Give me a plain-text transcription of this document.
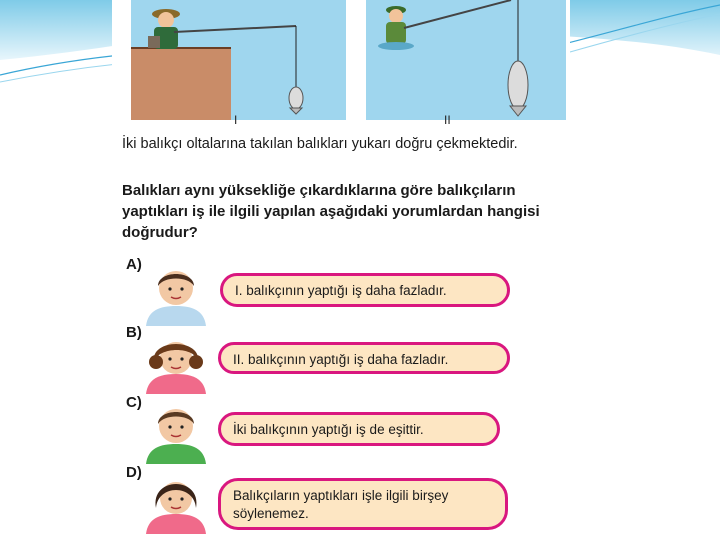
I	II
İki balıkçı oltalarına takılan balıkları yukarı doğru çekmektedir.
Balıkları aynı yüksekliğe çıkardıklarına göre balıkçıların yaptıkları iş ile ilgili yapılan aşağıdaki yorumlardan hangisi doğrudur?
A)
I. balıkçının yaptığı iş daha fazladır.
B)
II. balıkçının yaptığı iş daha fazladır.
C)
İki balıkçının yaptığı iş de eşittir.
D)
Balıkçıların yaptıkları işle ilgili birşey
söylenemez.
